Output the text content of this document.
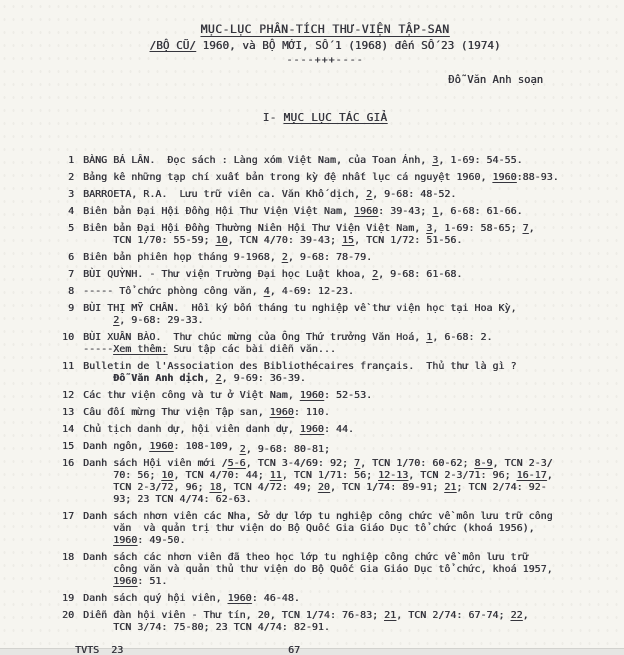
MỤC-LỤC PHÂN-TÍCH THƯ-VIỆN TẬP-SAN
/BỘ CŨ/ 1960, và BỘ MỚI, SỐ 1 (1968) đến SỐ 23 (1974)
----+++----
Đỗ Văn Anh soạn
I- MỤC LỤC TÁC GIẢ
1 BÀNG BÁ LÂN.  Đọc sách : Làng xóm Việt Nam, của Toan Ánh, 3, 1-69: 54-55.
2 Bảng kê những tạp chí xuất bản trong kỳ đệ nhất lục cá nguyệt 1960, 1960:88-93.
3 BARROETA, R.A.  Lưu trữ viên ca. Văn Khố dịch, 2, 9-68: 48-52.
4 Biên bản Đại Hội Đồng Hội Thư Viện Việt Nam, 1960: 39-43; 1, 6-68: 61-66.
5 Biên bản Đại Hội Đồng Thường Niên Hội Thư Viện Việt Nam, 3, 1-69: 58-65; 7,
TCN 1/70: 55-59; 10, TCN 4/70: 39-43; 15, TCN 1/72: 51-56.
6 Biên bản phiên họp tháng 9-1968, 2, 9-68: 78-79.
7 BÙI QUỲNH. - Thư viện Trường Đại học Luật khoa, 2, 9-68: 61-68.
8 ----- Tổ chức phòng công văn, 4, 4-69: 12-23.
9 BÙI THỊ MỸ CHÂN.  Hồi ký bốn tháng tu nghiệp về thư viện học tại Hoa Kỳ,
2, 9-68: 29-33.
10 BÙI XUÂN BÀO.  Thư chúc mừng của Ông Thứ trưởng Văn Hoá, 1, 6-68: 2.
-----Xem thêm: Sưu tập các bài diễn văn...
11 Bulletin de l'Association des Bibliothécaires français.  Thủ thư là gì ?
Đỗ Văn Anh dịch, 2, 9-69: 36-39.
12 Các thư viện công và tư ở Việt Nam, 1960: 52-53.
13 Câu đối mừng Thư viện Tập san, 1960: 110.
14 Chủ tịch danh dự, hội viên danh dự, 1960: 44.
15 Danh ngôn, 1960: 108-109, 2, 9-68: 80-81;
16 Danh sách Hội viên mới /5-6, TCN 3-4/69: 92; 7, TCN 1/70: 60-62; 8-9, TCN 2-3/
70: 56; 10, TCN 4/70: 44; 11, TCN 1/71: 56; 12-13, TCN 2-3/71: 96; 16-17,
TCN 2-3/72, 96; 18, TCN 4/72: 49; 20, TCN 1/74: 89-91; 21; TCN 2/74: 92-
93; 23 TCN 4/74: 62-63.
17 Danh sách nhơn viên các Nha, Sở dự lớp tu nghiệp công chức về môn lưu trữ công
văn  và quản trị thư viện do Bộ Quốc Gia Giáo Dục tổ chức (khoá 1956),
1960: 49-50.
18 Danh sách các nhơn viên đã theo học lớp tu nghiệp công chức về môn lưu trữ
công văn và quản thủ thư viện do Bộ Quốc Gia Giáo Dục tổ chức, khoá 1957,
1960: 51.
19 Danh sách quý hội viên, 1960: 46-48.
20 Diễn đàn hội viên - Thư tín, 20, TCN 1/74: 76-83; 21, TCN 2/74: 67-74; 22,
TCN 3/74: 75-80; 23 TCN 4/74: 82-91.
TVTS  23	67
